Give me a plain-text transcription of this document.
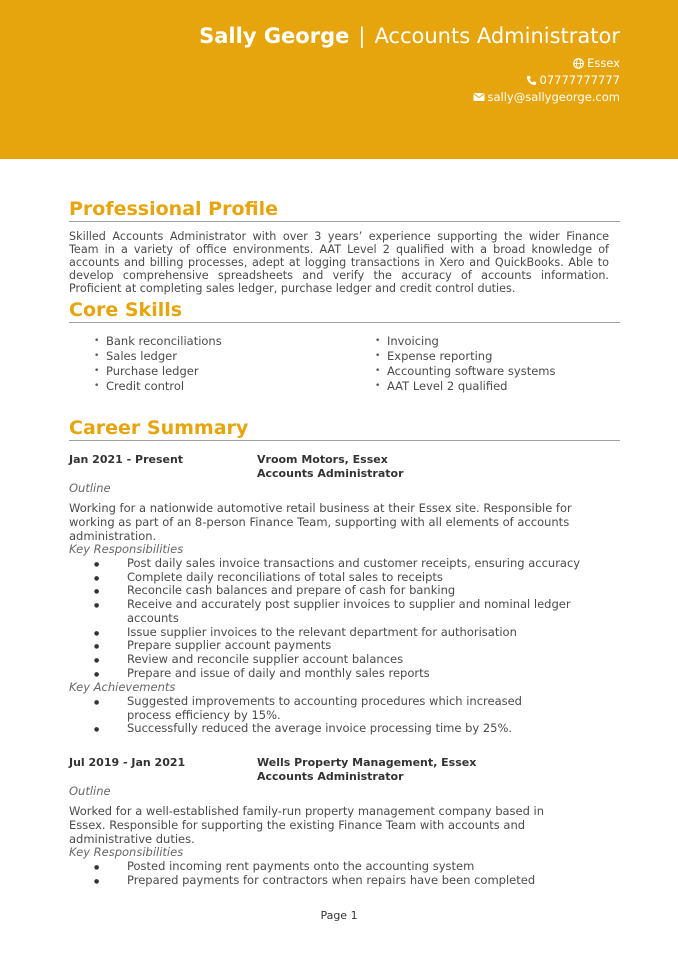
Sally George | Accounts Administrator
Essex
07777777777
sally@sallygeorge.com
Professional Profile
Skilled Accounts Administrator with over 3 years’ experience supporting the wider Finance Team in a variety of office environments. AAT Level 2 qualified with a broad knowledge of accounts and billing processes, adept at logging transactions in Xero and QuickBooks. Able to develop comprehensive spreadsheets and verify the accuracy of accounts information. Proficient at completing sales ledger, purchase ledger and credit control duties.
Core Skills
• Bank reconciliations
• Sales ledger
• Purchase ledger
• Credit control
• Invoicing
• Expense reporting
• Accounting software systems
• AAT Level 2 qualified
Career Summary
Jan 2021 - Present	Vroom Motors, Essex
Accounts Administrator
Outline
Working for a nationwide automotive retail business at their Essex site. Responsible for working as part of an 8-person Finance Team, supporting with all elements of accounts administration.
Key Responsibilities
● Post daily sales invoice transactions and customer receipts, ensuring accuracy
● Complete daily reconciliations of total sales to receipts
● Reconcile cash balances and prepare of cash for banking
● Receive and accurately post supplier invoices to supplier and nominal ledger accounts
● Issue supplier invoices to the relevant department for authorisation
● Prepare supplier account payments
● Review and reconcile supplier account balances
● Prepare and issue of daily and monthly sales reports
Key Achievements
● Suggested improvements to accounting procedures which increased process efficiency by 15%.
● Successfully reduced the average invoice processing time by 25%.
Jul 2019 - Jan 2021	Wells Property Management, Essex
Accounts Administrator
Outline
Worked for a well-established family-run property management company based in Essex. Responsible for supporting the existing Finance Team with accounts and administrative duties.
Key Responsibilities
● Posted incoming rent payments onto the accounting system
● Prepared payments for contractors when repairs have been completed
Page 1
